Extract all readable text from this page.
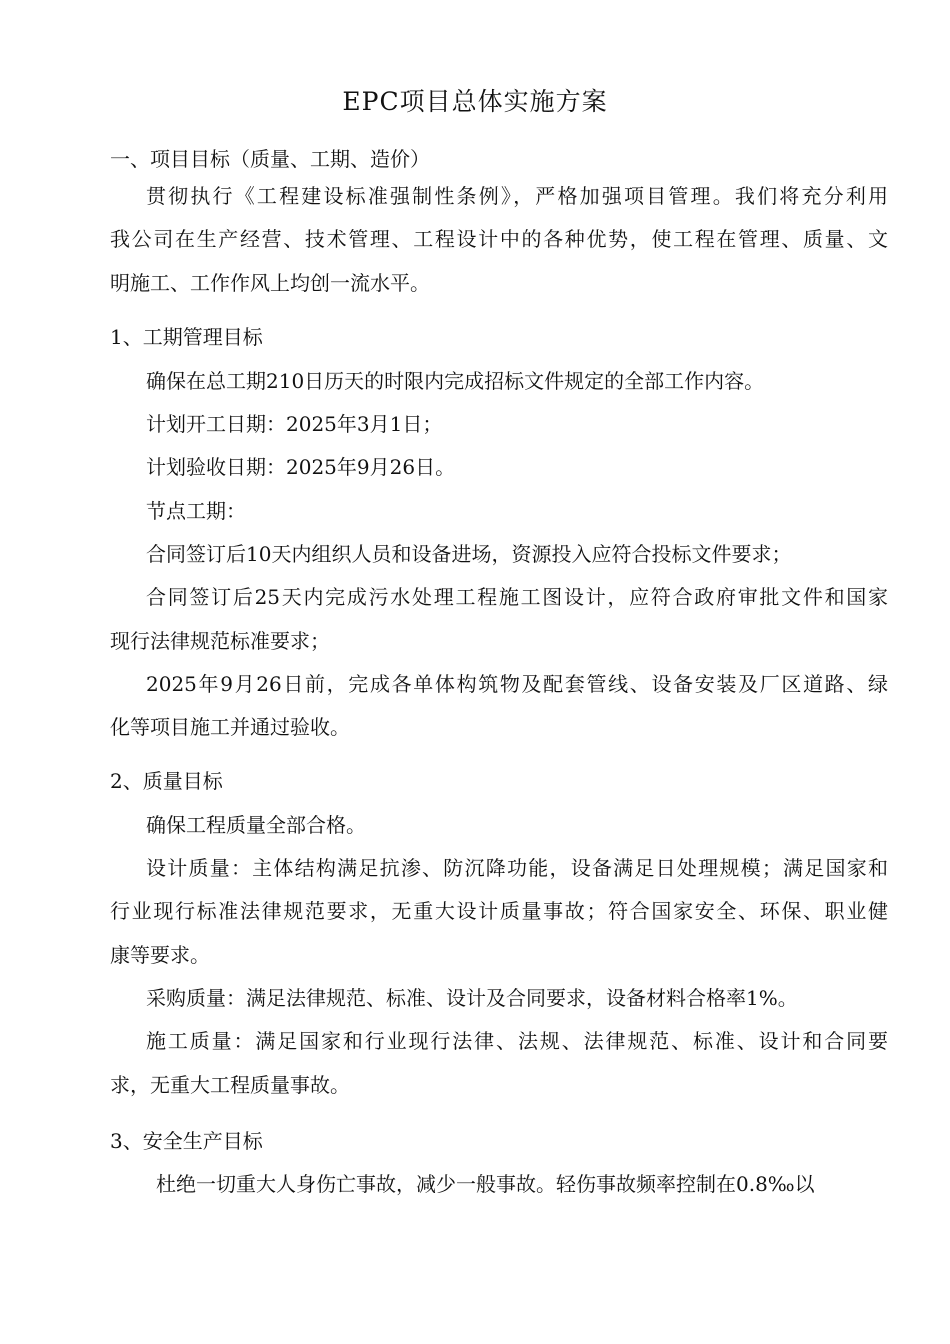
EPC项目总体实施方案
一、项目目标（质量、工期、造价）
贯彻执行《工程建设标准强制性条例》，严格加强项目管理。我们将充分利用
我公司在生产经营、技术管理、工程设计中的各种优势，使工程在管理、质量、文
明施工、工作作风上均创一流水平。
1、工期管理目标
确保在总工期210日历天的时限内完成招标文件规定的全部工作内容。
计划开工日期：2025年3月1日；
计划验收日期：2025年9月26日。
节点工期：
合同签订后10天内组织人员和设备进场，资源投入应符合投标文件要求；
合同签订后25天内完成污水处理工程施工图设计，应符合政府审批文件和国家
现行法律规范标准要求；
2025年9月26日前，完成各单体构筑物及配套管线、设备安装及厂区道路、绿
化等项目施工并通过验收。
2、质量目标
确保工程质量全部合格。
设计质量：主体结构满足抗渗、防沉降功能，设备满足日处理规模；满足国家和
行业现行标准法律规范要求，无重大设计质量事故；符合国家安全、环保、职业健
康等要求。
采购质量：满足法律规范、标准、设计及合同要求，设备材料合格率1%。
施工质量：满足国家和行业现行法律、法规、法律规范、标准、设计和合同要
求，无重大工程质量事故。
3、安全生产目标
杜绝一切重大人身伤亡事故，减少一般事故。轻伤事故频率控制在0.8‰以
